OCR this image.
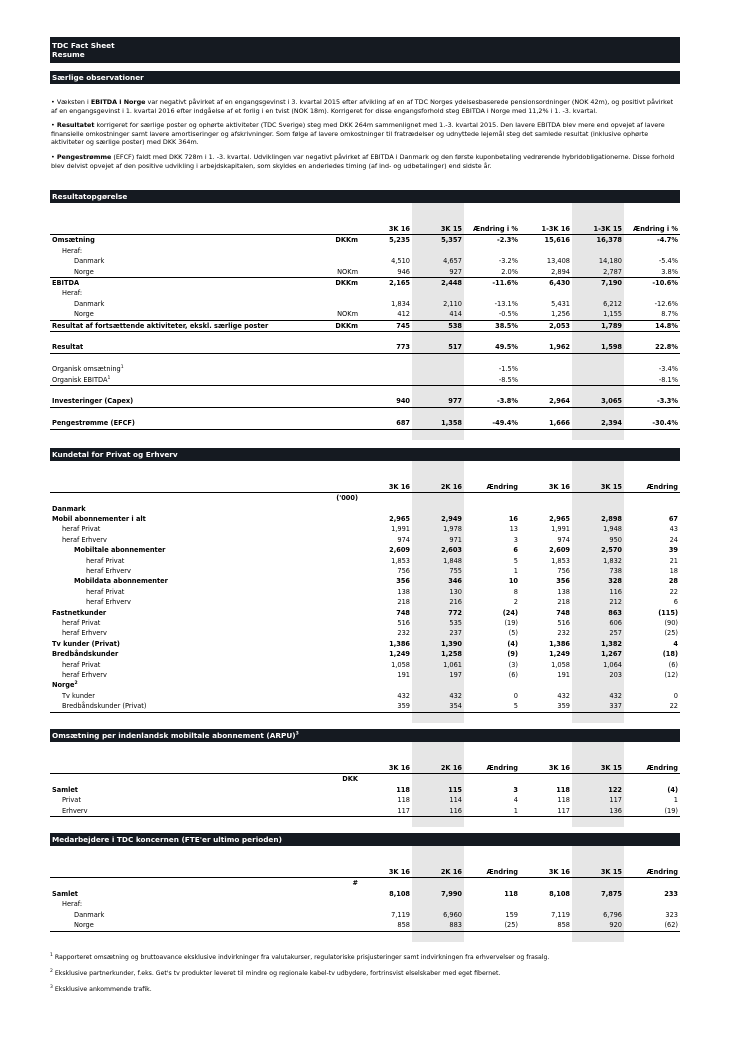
TDC Fact Sheet
Resume
Særlige observationer
• Væksten i EBITDA i Norge var negativt påvirket af en engangsgevinst i 3. kvartal 2015 efter afvikling af en af TDC Norges ydelsesbaserede pensionsordninger (NOK 42m), og positivt påvirket af en engangsgevinst i 1. kvartal 2016 efter indgåelse af et forlig i en tvist (NOK 18m). Korrigeret for disse engangsforhold steg EBITDA i Norge med 11,2% i 1. -3. kvartal.
• Resultatet korrigeret for særlige poster og ophørte aktiviteter (TDC Sverige) steg med DKK 264m sammenlignet med 1.-3. kvartal 2015. Den lavere EBITDA blev mere end opvejet af lavere finansielle omkostninger samt lavere amortiseringer og afskrivninger. Som følge af lavere omkostninger til fratrædelser og udnyttede lejemål steg det samlede resultat (inklusive ophørte aktiviteter og særlige poster) med DKK 364m.
• Pengestrømme (EFCF) faldt med DKK 728m i 1. -3. kvartal. Udviklingen var negativt påvirket af EBITDA i Danmark og den første kuponbetaling vedrørende hybridobligationerne. Disse forhold blev delvist opvejet af den positive udvikling i arbejdskapitalen, som skyldes en anderledes timing (af ind- og udbetalinger) end sidste år.
Resultatopgørelse

		3K 16	3K 15	Ændring i %	1-3K 16	1-3K 15	Ændring i %
Omsætning	DKKm	5,235	5,357	-2.3%	15,616	16,378	-4.7%
Heraf:							
Danmark		4,510	4,657	-3.2%	13,408	14,180	-5.4%
Norge	NOKm	946	927	2.0%	2,894	2,787	3.8%
EBITDA	DKKm	2,165	2,448	-11.6%	6,430	7,190	-10.6%
Heraf:							
Danmark		1,834	2,110	-13.1%	5,431	6,212	-12.6%
Norge	NOKm	412	414	-0.5%	1,256	1,155	8.7%
Resultat af fortsættende aktiviteter, ekskl. særlige poster	DKKm	745	538	38.5%	2,053	1,789	14.8%

Resultat		773	517	49.5%	1,962	1,598	22.8%

Organisk omsætning$^1$				-1.5%			-3.4%
Organisk EBITDA$^1$				-8.5%			-8.1%

Investeringer (Capex)		940	977	-3.8%	2,964	3,065	-3.3%

Pengestrømme (EFCF)		687	1,358	-49.4%	1,666	2,394	-30.4%

Kundetal for Privat og Erhverv

		3K 16	2K 16	Ændring	3K 16	3K 15	Ændring
	('000)						
Danmark							
Mobil abonnementer i alt		2,965	2,949	16	2,965	2,898	67
heraf Privat		1,991	1,978	13	1,991	1,948	43
heraf Erhverv		974	971	3	974	950	24
Mobiltale abonnementer		2,609	2,603	6	2,609	2,570	39
heraf Privat		1,853	1,848	5	1,853	1,832	21
heraf Erhverv		756	755	1	756	738	18
Mobildata abonnementer		356	346	10	356	328	28
heraf Privat		138	130	8	138	116	22
heraf Erhverv		218	216	2	218	212	6
Fastnetkunder		748	772	(24)	748	863	(115)
heraf Privat		516	535	(19)	516	606	(90)
heraf Erhverv		232	237	(5)	232	257	(25)
Tv kunder (Privat)		1,386	1,390	(4)	1,386	1,382	4
Bredbåndskunder		1,249	1,258	(9)	1,249	1,267	(18)
heraf Privat		1,058	1,061	(3)	1,058	1,064	(6)
heraf Erhverv		191	197	(6)	191	203	(12)
Norge$^2$							
Tv kunder		432	432	0	432	432	0
Bredbåndskunder (Privat)		359	354	5	359	337	22

Omsætning per indenlandsk mobiltale abonnement (ARPU)$^3$

		3K 16	2K 16	Ændring	3K 16	3K 15	Ændring
	DKK						
Samlet		118	115	3	118	122	(4)
Privat		118	114	4	118	117	1
Erhverv		117	116	1	117	136	(19)

Medarbejdere i TDC koncernen (FTE'er ultimo perioden)

		3K 16	2K 16	Ændring	3K 16	3K 15	Ændring
	#						
Samlet		8,108	7,990	118	8,108	7,875	233
Heraf:							
Danmark		7,119	6,960	159	7,119	6,796	323
Norge		858	883	(25)	858	920	(62)

$^1$ Rapporteret omsætning og bruttoavance eksklusive indvirkninger fra valutakurser, regulatoriske prisjusteringer samt indvirkningen fra erhvervelser og frasalg.
$^2$ Eksklusive partnerkunder, f.eks. Get's tv produkter leveret til mindre og regionale kabel-tv udbydere, fortrinsvist elselskaber med eget fibernet.
$^3$ Eksklusive ankommende trafik.
